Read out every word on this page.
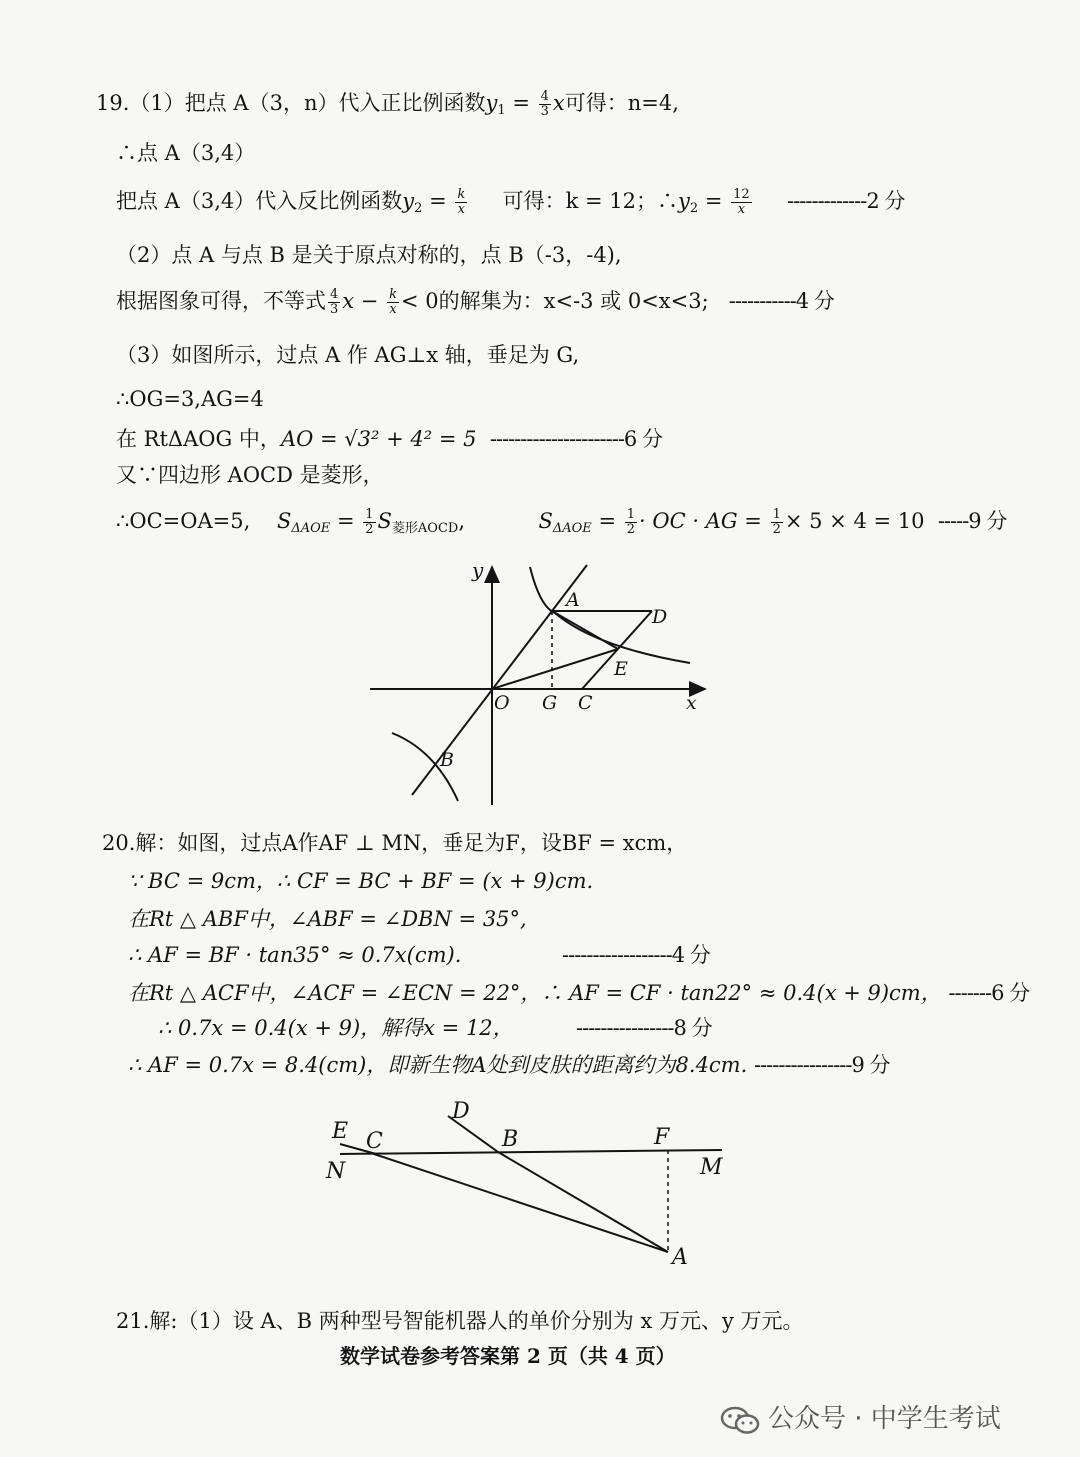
19.（1）把点 A（3，n）代入正比例函数$y_1 = \frac{4}{3}$ x可得：n=4,
∴点 A（3,4）
把点 A（3,4）代入反比例函数$y_2 = \frac{k}{x}$ 可得：k = 12；$\therefore y_2 = \frac{12}{x} -------------2$ 分
（2）点 A 与点 B 是关于原点对称的，点 B（-3，-4),
根据图象可得，不等式 $\frac{4}{3}$ $x - \frac{k}{x} < 0$的解集为：x<-3 或 0<x<3; -----------4 分
（3）如图所示，过点 A 作 AG⊥x 轴，垂足为 G,
∴OG=3,AG=4
在 RtΔAOG 中，AO = √3² + 4² = 5 ----------------------6 分
又∵四边形 AOCD 是菱形，
∴OC=OA=5, $S_{\Delta AOE} = \frac{1}{2} S_{菱形AOCD}$,           $S_{\Delta AOE} = \frac{1}{2}$ · OC · AG = $\frac{1}{2} \times 5 \times 4 = 10$ -----9 分
y
A
D
E
O G C	x
B
20.解：如图，过点A作AF ⊥ MN，垂足为F，设BF = xcm，
∵ BC = 9cm，∴ CF = BC + BF = (x + 9)cm.
在Rt △ ABF中，∠ABF = ∠DBN = 35°,
∴ AF = BF · tan35° ≈ 0.7x(cm).	------------------4 分
在Rt △ ACF中，∠ACF = ∠ECN = 22°，∴ AF = CF · tan22° ≈ 0.4(x + 9)cm， -------6 分
∴ 0.7x = 0.4(x + 9)，解得x = 12，	----------------8 分
∴ AF = 0.7x = 8.4(cm)，即新生物A处到皮肤的距离约为8.4cm. ----------------9 分
D
E C	B	F
N	M
A
21.解:（1）设 A、B 两种型号智能机器人的单价分别为 x 万元、y 万元。
数学试卷参考答案第 2 页（共 4 页）
公众号 · 中学生考试
